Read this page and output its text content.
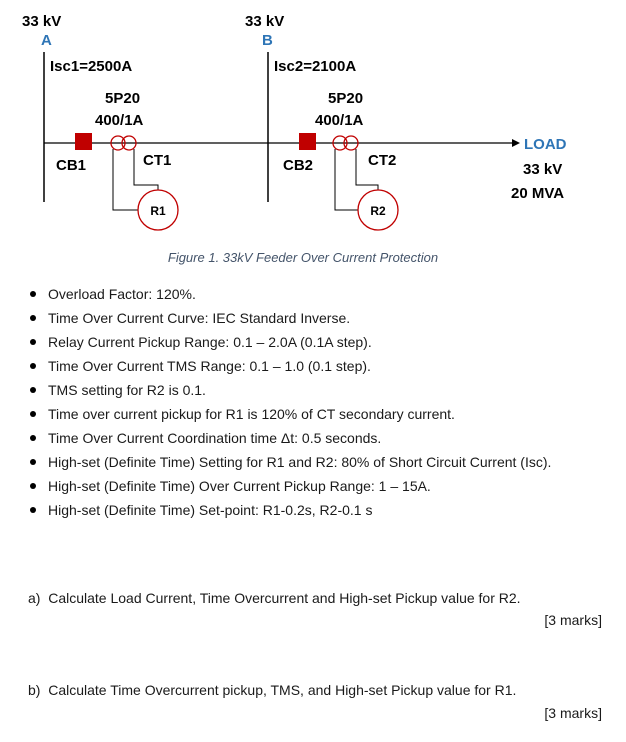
33 kV
A
Isc1=2500A
5P20
400/1A
33 kV
B
Isc2=2100A
5P20
400/1A
CB1	CT1
R1
CB2	CT2
R2
LOAD
33 kV
20 MVA
Figure 1. 33kV Feeder Over Current Protection
Overload Factor: 120%.
Time Over Current Curve: IEC Standard Inverse.
Relay Current Pickup Range: 0.1 – 2.0A (0.1A step).
Time Over Current TMS Range: 0.1 – 1.0 (0.1 step).
TMS setting for R2 is 0.1.
Time over current pickup for R1 is 120% of CT secondary current.
Time Over Current Coordination time Δt: 0.5 seconds.
High-set (Definite Time) Setting for R1 and R2: 80% of Short Circuit Current (Isc).
High-set (Definite Time) Over Current Pickup Range: 1 – 15A.
High-set (Definite Time) Set-point: R1-0.2s, R2-0.1 s
a)  Calculate Load Current, Time Overcurrent and High-set Pickup value for R2.
[3 marks]
b)  Calculate Time Overcurrent pickup, TMS, and High-set Pickup value for R1.
[3 marks]
